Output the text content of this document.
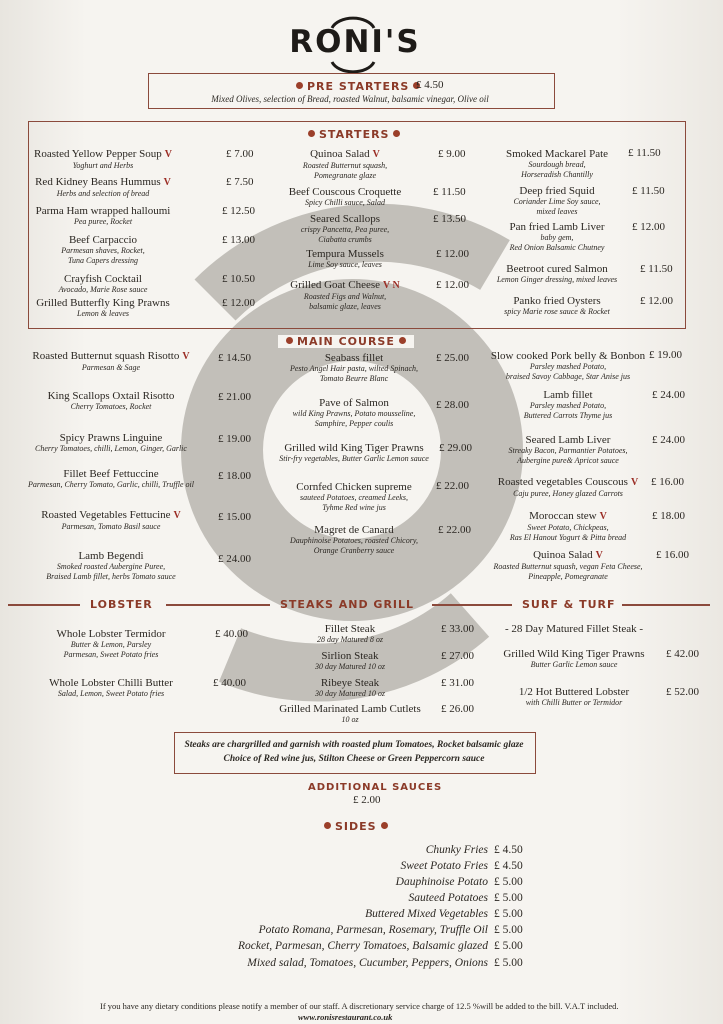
RONI'S
PRE STARTERS £ 4.50
Mixed Olives, selection of Bread, roasted Walnut, balsamic vinegar, Olive oil
STARTERS
Roasted Yellow Pepper Soup V
Yoghurt and Herbs
£ 7.00
Red Kidney Beans Hummus V
Herbs and selection of bread
£ 7.50
Parma Ham wrapped halloumi
Pea puree, Rocket
£ 12.50
Beef Carpaccio
Parmesan shaves, Rocket,
Tuna Capers dressing
£ 13.00
Crayfish Cocktail
Avocado, Marie Rose sauce
£ 10.50
Grilled Butterfly King Prawns
Lemon & leaves
£ 12.00
Quinoa Salad V
Roasted Butternut squash,
Pomegranate glaze
£ 9.00
Beef Couscous Croquette
Spicy Chilli sauce, Salad
£ 11.50
Seared Scallops
crispy Pancetta, Pea puree,
Ciabatta crumbs
£ 13.50
Tempura Mussels
Lime Soy sauce, leaves
£ 12.00
Grilled Goat Cheese V N
Roasted Figs and Walnut,
balsamic glaze, leaves
£ 12.00
Smoked Mackarel Pate
Sourdough bread,
Horseradish Chantilly
£ 11.50
Deep fried Squid
Coriander Lime Soy sauce,
mixed leaves
£ 11.50
Pan fried Lamb Liver
baby gem,
Red Onion Balsamic Chutney
£ 12.00
Beetroot cured Salmon
Lemon Ginger dressing, mixed leaves
£ 11.50
Panko fried Oysters
spicy Marie rose sauce & Rocket
£ 12.00
MAIN COURSE
Roasted Butternut squash Risotto V
Parmesan & Sage
£ 14.50
King Scallops Oxtail Risotto
Cherry Tomatoes, Rocket
£ 21.00
Spicy Prawns Linguine
Cherry Tomatoes, chilli, Lemon, Ginger, Garlic
£ 19.00
Fillet Beef Fettuccine
Parmesan, Cherry Tomato, Garlic, chilli, Truffle oil
£ 18.00
Roasted Vegetables Fettucine V
Parmesan, Tomato Basil sauce
£ 15.00
Lamb Begendi
Smoked roasted Aubergine Puree,
Braised Lamb fillet, herbs Tomato sauce
£ 24.00
Seabass fillet
Pesto Angel Hair pasta, wilted Spinach,
Tomato Beurre Blanc
£ 25.00
Pave of Salmon
wild King Prawns, Potato mousseline,
Samphire, Pepper coulis
£ 28.00
Grilled wild King Tiger Prawns
Stir-fry vegetables, Butter Garlic Lemon sauce
£ 29.00
Cornfed Chicken supreme
sauteed Potatoes, creamed Leeks,
Tyhme Red wine jus
£ 22.00
Magret de Canard
Dauphinoise Potatoes, roasted Chicory,
Orange Cranberry sauce
£ 22.00
Slow cooked Pork belly & Bonbon
Parsley mashed Potato,
braised Savoy Cabbage, Star Anise jus
£ 19.00
Lamb fillet
Parsley mashed Potato,
Buttered Carrots Thyme jus
£ 24.00
Seared Lamb Liver
Streaky Bacon, Parmantier Potatoes,
Aubergine pure& Apricot sauce
£ 24.00
Roasted vegetables Couscous V
Caju puree, Honey glazed Carrots
£ 16.00
Moroccan stew V
Sweet Potato, Chickpeas,
Ras El Hanout Yogurt & Pitta bread
£ 18.00
Quinoa Salad V
Roasted Butternut squash, vegan Feta Cheese,
Pineapple, Pomegranate
£ 16.00
LOBSTER	STEAKS AND GRILL	SURF & TURF
Whole Lobster Termidor
Butter & Lemon, Parsley
Parmesan, Sweet Potato fries
£ 40.00
Whole Lobster Chilli Butter
Salad, Lemon, Sweet Potato fries
£ 40.00
Fillet Steak
28 day Matured 8 oz
£ 33.00
Sirlion Steak
30 day Matured 10 oz
£ 27.00
Ribeye Steak
30 day Matured 10 oz
£ 31.00
Grilled Marinated Lamb Cutlets
10 oz
£ 26.00
- 28 Day Matured Fillet Steak -
Grilled Wild King Tiger Prawns
Butter Garlic Lemon sauce
£ 42.00
1/2 Hot Buttered Lobster
with Chilli Butter or Termidor
£ 52.00
Steaks are chargrilled and garnish with roasted plum Tomatoes, Rocket balsamic glaze
Choice of Red wine jus, Stilton Cheese or Green Peppercorn sauce
ADDITIONAL SAUCES
£ 2.00
SIDES
Chunky Fries £ 4.50
Sweet Potato Fries £ 4.50
Dauphinoise Potato £ 5.00
Sauteed Potatoes £ 5.00
Buttered Mixed Vegetables £ 5.00
Potato Romana, Parmesan, Rosemary, Truffle Oil £ 5.00
Rocket, Parmesan, Cherry Tomatoes, Balsamic glazed £ 5.00
Mixed salad, Tomatoes, Cucumber, Peppers, Onions £ 5.00
If you have any dietary conditions please notify a member of our staff. A discretionary service charge of 12.5 %will be added to the bill. V.A.T included.
www.ronisrestaurant.co.uk
